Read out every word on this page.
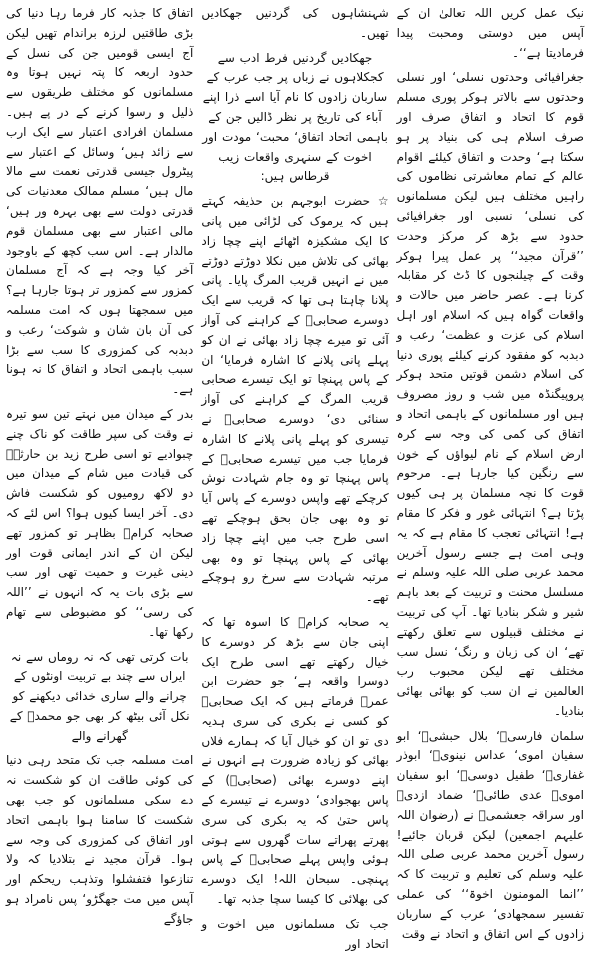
نیک عمل کریں اللہ تعالیٰ ان کے آپس میں دوستی ومحبت پیدا فرمادیتا ہے‘‘۔

جغرافیائی وحدتوں نسلی‘ اور نسلی وحدتوں سے بالاتر ہوکر پوری مسلم قوم کا اتحاد و اتفاق صرف اور صرف اسلام ہی کی بنیاد پر ہو سکتا ہے‘ وحدت و اتفاق کیلئے اقوام عالم کے تمام معاشرتی نظاموں کی راہیں مختلف ہیں لیکن مسلمانوں کی نسلی‘ نسبی اور جغرافیائی حدود سے بڑھ کر مرکز وحدت ’’قرآن مجید‘‘ پر عمل پیرا ہوکر وقت کے چیلنجوں کا ڈٹ کر مقابلہ کرنا ہے۔ عصر حاضر میں حالات و واقعات گواہ ہیں کہ اسلام اور اہل اسلام کی عزت و عظمت‘ رعب و دبدبہ کو مفقود کرنے کیلئے پوری دنیا کی اسلام دشمن قوتیں متحد ہوکر پروپیگنڈہ میں شب و روز مصروف ہیں اور مسلمانوں کے باہمی اتحاد و اتفاق کی کمی کی وجہ سے کرہ ارض اسلام کے نام لیواؤں کے خون سے رنگین کیا جارہا ہے۔ مرحوم قوت کا نچہ مسلمان پر ہی کیوں پڑتا ہے؟ انتہائی غور و فکر کا مقام ہے! انتہائی تعجب کا مقام ہے کہ یہ وہی امت ہے جسے رسول آخرین محمد عربی صلی اللہ علیہ وسلم نے مسلسل محنت و تربیت کے بعد باہم شیر و شکر بنادیا تھا۔ آپ کی تربیت نے مختلف قبیلوں سے تعلق رکھتے تھے‘ ان کی زبان و رنگ‘ نسل سب مختلف تھے لیکن محبوب رب العالمین نے ان سب کو بھائی بھائی بنادیا۔

سلمان فارسیؓ‘ بلال حبشیؓ‘ ابو سفیان اموی‘ عداس نینویؓ‘ ابوذر غفاریؓ‘ طفیل دوسیؓ‘ ابو سفیان امویؓ عدی طائیؓ‘ ضماد ازدیؓ اور سراقہ جعشمیؓ نے (رضوان اللہ علیہم اجمعین) لیکن قربان جائیے! رسول آخرین محمد عربی صلی اللہ علیہ وسلم کی تعلیم و تربیت کا کہ ’’انما المومنون اخوۃ‘‘ کی عملی تفسیر سمجھادی‘ عرب کے ساربان زادوں کے اس اتفاق و اتحاد نے وقت

شہنشاہوں کی گردنیں جھکادیں تھیں۔

جھکادیں گردنیں فرط ادب سے کجکلاہوں نے زباں پر جب عرب کے ساربان زادوں کا نام آیا اسے ذرا اپنے آباء کی تاریخ پر نظر ڈالیں جن کے باہمی اتحاد اتفاق‘ محبت‘ مودت اور اخوت کے سنہری واقعات زیب قرطاس ہیں:

☆ حضرت ابوجہم بن حذیفہ کہتے ہیں کہ یرموک کی لڑائی میں پانی کا ایک مشکیزہ اٹھائے اپنے چچا زاد بھائی کی تلاش میں نکلا دوڑتے دوڑتے میں نے انہیں قریب المرگ پایا۔ پانی پلانا چاہتا ہی تھا کہ قریب سے ایک دوسرے صحابیؓ کے کراہنے کی آواز آئی تو میرے چچا زاد بھائی نے ان کو پہلے پانی پلانے کا اشارہ فرمایا‘ ان کے پاس پہنچا تو ایک تیسرے صحابی قریب المرگ کے کراہنے کی آواز سنائی دی‘ دوسرے صحابیؓ نے تیسری کو پہلے پانی پلانے کا اشارہ فرمایا جب میں تیسرے صحابیؓ کے پاس پہنچا تو وہ جام شہادت نوش کرچکے تھے واپس دوسرے کے پاس آیا تو وہ بھی جان بحق ہوچکے تھے اسی طرح جب میں اپنے چچا زاد بھائی کے پاس پہنچا تو وہ بھی مرتبہ شہادت سے سرخ رو ہوچکے تھے۔

یہ صحابہ کرامؓ کا اسوہ تھا کہ اپنی جان سے بڑھ کر دوسرے کا خیال رکھتے تھے اسی طرح ایک دوسرا واقعہ ہے‘ جو حضرت ابن عمرؓ فرماتے ہیں کہ ایک صحابیؓ کو کسی نے بکری کی سری ہدیہ دی تو ان کو خیال آیا کہ ہمارے فلاں بھائی کو زیادہ ضرورت ہے انہوں نے اپنے دوسرے بھائی (صحابیؓ) کے پاس بھجوادی‘ دوسرے نے تیسرے کے پاس حتیٰ کہ یہ بکری کی سری پھرتے پھراتے سات گھروں سے ہوتی ہوئی واپس پہلے صحابیؓ کے پاس پہنچی۔ سبحان اللہ! ایک دوسرے کی بھلائی کا کیسا سچا جذبہ تھا۔

جب تک مسلمانوں میں اخوت و اتحاد اور

اتفاق کا جذبہ کار فرما رہا دنیا کی بڑی طاقتیں لرزہ براندام تھیں لیکن آج ایسی قومیں جن کی نسل کے حدود اربعہ کا پتہ نہیں ہوتا وہ مسلمانوں کو مختلف طریقوں سے ذلیل و رسوا کرنے کے در پے ہیں۔ مسلمان افرادی اعتبار سے ایک ارب سے زائد ہیں‘ وسائل کے اعتبار سے پیٹرول جیسی قدرتی نعمت سے مالا مال ہیں‘ مسلم ممالک معدنیات کی قدرتی دولت سے بھی بہرہ ور ہیں‘ مالی اعتبار سے بھی مسلمان قوم مالدار ہے۔ اس سب کچھ کے باوجود آخر کیا وجہ ہے کہ آج مسلمان کمزور سے کمزور تر ہوتا جارہا ہے؟ میں سمجھتا ہوں کہ امت مسلمہ کی آن بان شان و شوکت‘ رعب و دبدبہ کی کمزوری کا سب سے بڑا سبب باہمی اتحاد و اتفاق کا نہ ہونا ہے۔

بدر کے میدان میں نہتے تین سو تیرہ نے وقت کی سپر طاقت کو ناک چنے چبوادیے تو اسی طرح زید بن حارثہؓ کی قیادت میں شام کے میدان میں دو لاکھ رومیوں کو شکست فاش دی۔ آخر ایسا کیوں ہوا؟ اس لئے کہ صحابہ کرامؓ بظاہر تو کمزور تھے لیکن ان کے اندر ایمانی قوت اور دینی غیرت و حمیت تھی اور سب سے بڑی بات یہ کہ انہوں نے ’’اللہ کی رسی‘‘ کو مضبوطی سے تھام رکھا تھا۔

بات کرتی تھی کہ نہ روماں سے نہ ایراں سے چند بے تربیت اونٹوں کے چرانے والے ساری خدائی دیکھنے کو نکل آئی بیٹھ کر بھی جو محمدؐ کے گھرانے والے

امت مسلمہ جب تک متحد رہی دنیا کی کوئی طاقت ان کو شکست نہ دے سکی مسلمانوں کو جب بھی شکست کا سامنا ہوا باہمی اتحاد اور اتفاق کی کمزوری کی وجہ سے ہوا۔ قرآن مجید نے بتلادیا کہ ولا تنازعوا فتفشلوا وتذہب ریحکم اور آپس میں مت جھگڑو‘ پس نامراد ہو جاؤ‌گے
